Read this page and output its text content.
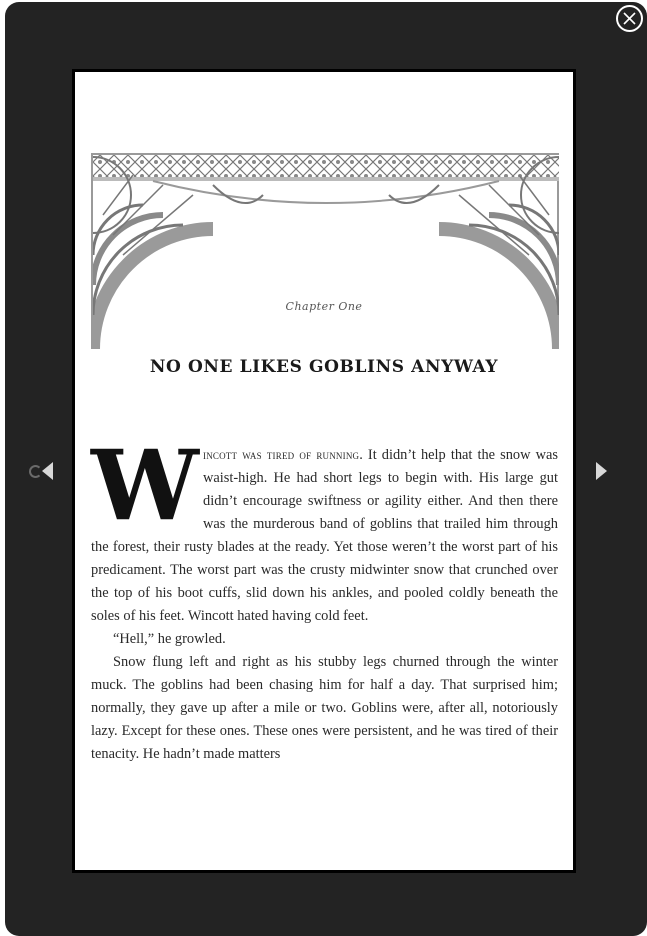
Chapter One
NO ONE LIKES GOBLINS ANYWAY

Wincott was tired of running. It didn’t help that the snow was waist-high. He had short legs to begin with. His large gut didn’t encourage swiftness or agility either. And then there was the murderous band of goblins that trailed him through the forest, their rusty blades at the ready. Yet those weren’t the worst part of his predicament. The worst part was the crusty midwinter snow that crunched over the top of his boot cuffs, slid down his ankles, and pooled coldly beneath the soles of his feet. Wincott hated having cold feet.

“Hell,” he growled.

Snow flung left and right as his stubby legs churned through the winter muck. The goblins had been chasing him for half a day. That surprised him; normally, they gave up after a mile or two. Goblins were, after all, notoriously lazy. Except for these ones. These ones were persistent, and he was tired of their tenacity. He hadn’t made matters
